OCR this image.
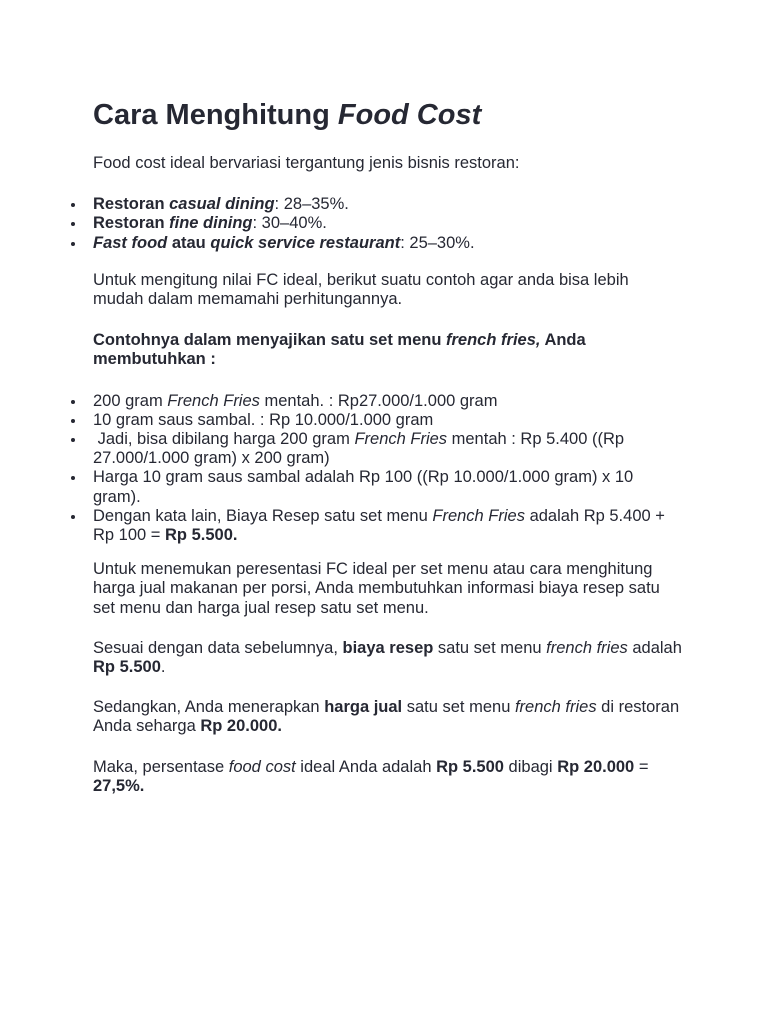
Cara Menghitung Food Cost

Food cost ideal bervariasi tergantung jenis bisnis restoran:

Restoran casual dining: 28–35%.
Restoran fine dining: 30–40%.
Fast food atau quick service restaurant: 25–30%.

Untuk mengitung nilai FC ideal, berikut suatu contoh agar anda bisa lebih mudah dalam memamahi perhitungannya.

Contohnya dalam menyajikan satu set menu french fries, Anda membutuhkan :

200 gram French Fries mentah. : Rp27.000/1.000 gram
10 gram saus sambal. : Rp 10.000/1.000 gram
Jadi, bisa dibilang harga 200 gram French Fries mentah : Rp 5.400 ((Rp 27.000/1.000 gram) x 200 gram)
Harga 10 gram saus sambal adalah Rp 100 ((Rp 10.000/1.000 gram) x 10 gram).
Dengan kata lain, Biaya Resep satu set menu French Fries adalah Rp 5.400 + Rp 100 = Rp 5.500.

Untuk menemukan peresentasi FC ideal per set menu atau cara menghitung harga jual makanan per porsi, Anda membutuhkan informasi biaya resep satu set menu dan harga jual resep satu set menu.

Sesuai dengan data sebelumnya, biaya resep satu set menu french fries adalah Rp 5.500.

Sedangkan, Anda menerapkan harga jual satu set menu french fries di restoran Anda seharga Rp 20.000.

Maka, persentase food cost ideal Anda adalah Rp 5.500 dibagi Rp 20.000 = 27,5%.
